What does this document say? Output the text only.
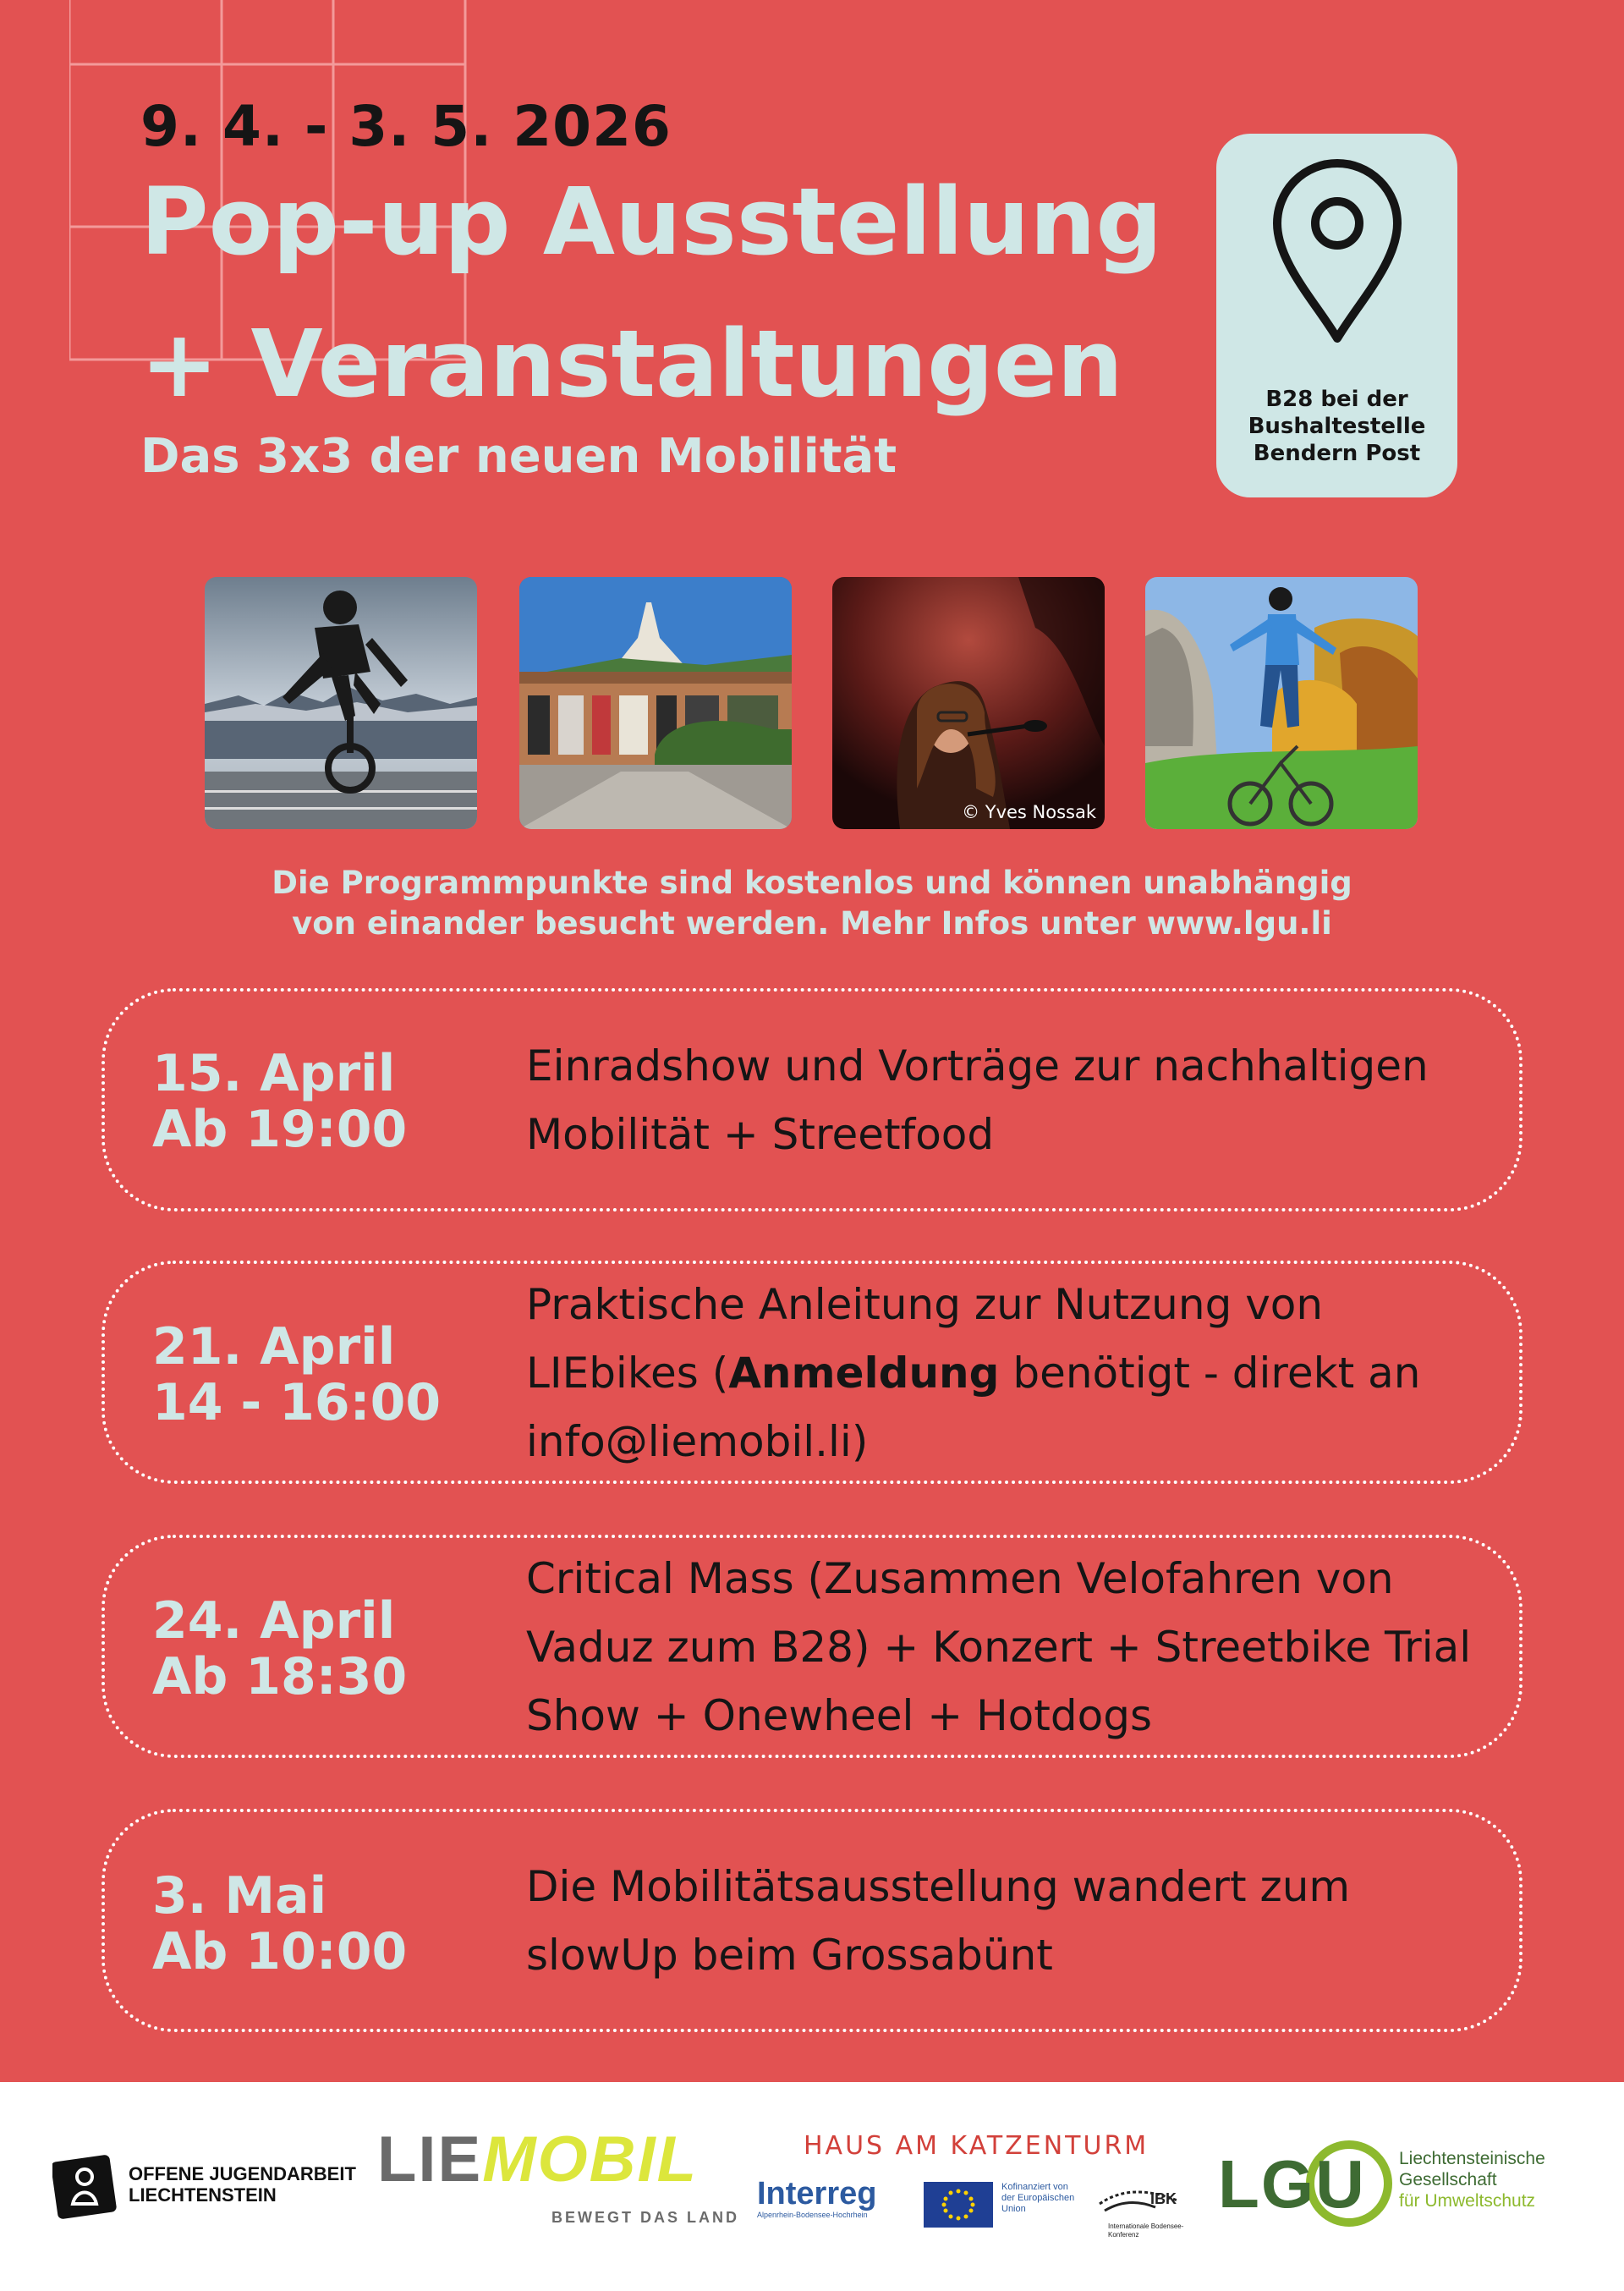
9. 4. - 3. 5. 2026
Pop-up Ausstellung
+ Veranstaltungen
Das 3x3 der neuen Mobilität
B28 bei der
Bushaltestelle
Bendern Post
© Yves Nossak
Die Programmpunkte sind kostenlos und können unabhängig
von einander besucht werden. Mehr Infos unter www.lgu.li
15. April
Ab 19:00
Einradshow und Vorträge zur nachhaltigen Mobilität + Streetfood
21. April
14 - 16:00
Praktische Anleitung zur Nutzung von LIEbikes (Anmeldung benötigt - direkt an info@liemobil.li)
24. April
Ab 18:30
Critical Mass (Zusammen Velofahren von Vaduz zum B28) + Konzert + Streetbike Trial Show + Onewheel + Hotdogs
3. Mai
Ab 10:00
Die Mobilitätsausstellung wandert zum slowUp beim Grossabünt
OFFENE JUGENDARBEIT
LIECHTENSTEIN	LIEMOBIL
BEWEGT DAS LAND
HAUS AM KATZENTURM
Interreg
Alpenrhein-Bodensee-Hochrhein
Kofinanziert von der Europäischen Union
IBK
Internationale Bodensee-Konferenz
LGU Liechtensteinische
Gesellschaft
für Umweltschutz
